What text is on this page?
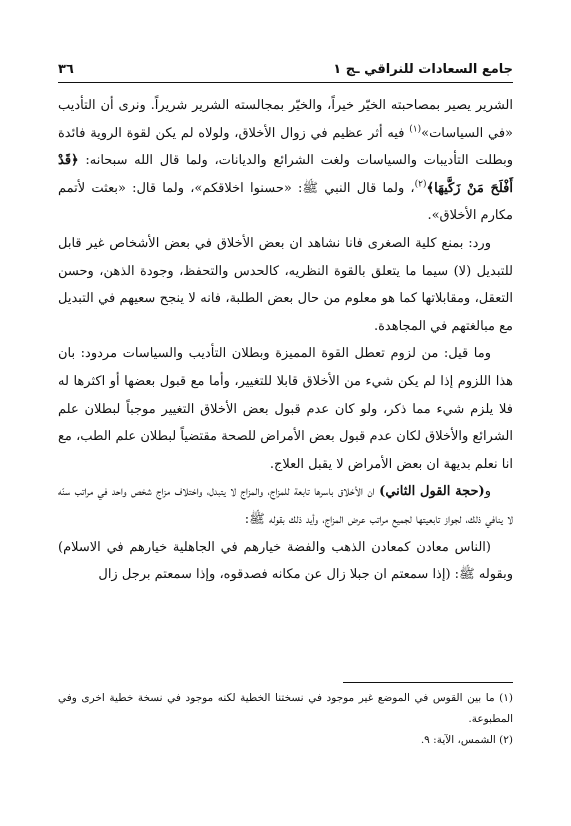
جامع السعادات للنراقي ـج ١
٣٦

الشرير يصير بمصاحبته الخيّر خيراً، والخيّر بمجالسته الشرير شريراً. ونرى أن التأديب «في السياسات»$^{(١)}$ فيه أثر عظيم في زوال الأخلاق، ولولاه لم يكن لقوة الروية فائدة وبطلت التأديبات والسياسات ولغت الشرائع والديانات، ولما قال الله سبحانه: ﴿قَدْ أَفْلَحَ مَنْ زَكَّيهَا﴾$^{(٢)}$، ولما قال النبي ﷺ: «حسنوا اخلاقكم»، ولما قال: «بعثت لأتمم مكارم الأخلاق».

ورد: بمنع كلية الصغرى فانا نشاهد ان بعض الأخلاق في بعض الأشخاص غير قابل للتبديل (لا) سيما ما يتعلق بالقوة النظريه، كالحدس والتحفظ، وجودة الذهن، وحسن التعقل، ومقابلاتها كما هو معلوم من حال بعض الطلبة، فانه لا ينجح سعيهم في التبديل مع مبالغتهم في المجاهدة.

وما قيل: من لزوم تعطل القوة المميزة وبطلان التأديب والسياسات مردود: بان هذا اللزوم إذا لم يكن شيء من الأخلاق قابلا للتغيير، وأما مع قبول بعضها أو اكثرها له فلا يلزم شيء مما ذكر، ولو كان عدم قبول بعض الأخلاق التغيير موجباً لبطلان علم الشرائع والأخلاق لكان عدم قبول بعض الأمراض للصحة مقتضياً لبطلان علم الطب، مع انا نعلم بديهة ان بعض الأمراض لا يقبل العلاج.

و(حجة القول الثاني) ان الأخلاق باسرها تابعة للمزاج، والمزاج لا يتبدل، واختلاف مزاج شخص واحد في مراتب سنّه لا ينافي ذلك، لجواز تابعيتها لجميع مراتب عرض المزاج، وأيد ذلك بقوله ﷺ:

(الناس معادن كمعادن الذهب والفضة خيارهم في الجاهلية خيارهم في الاسلام) وبقوله ﷺ: (إذا سمعتم ان جبلا زال عن مكانه فصدقوه، وإذا سمعتم برجل زال

(١) ما بين القوس في الموضع غير موجود في نسختنا الخطية لكنه موجود في نسخة خطية اخرى وفي المطبوعة.

(٢) الشمس، الآية: ٩.
